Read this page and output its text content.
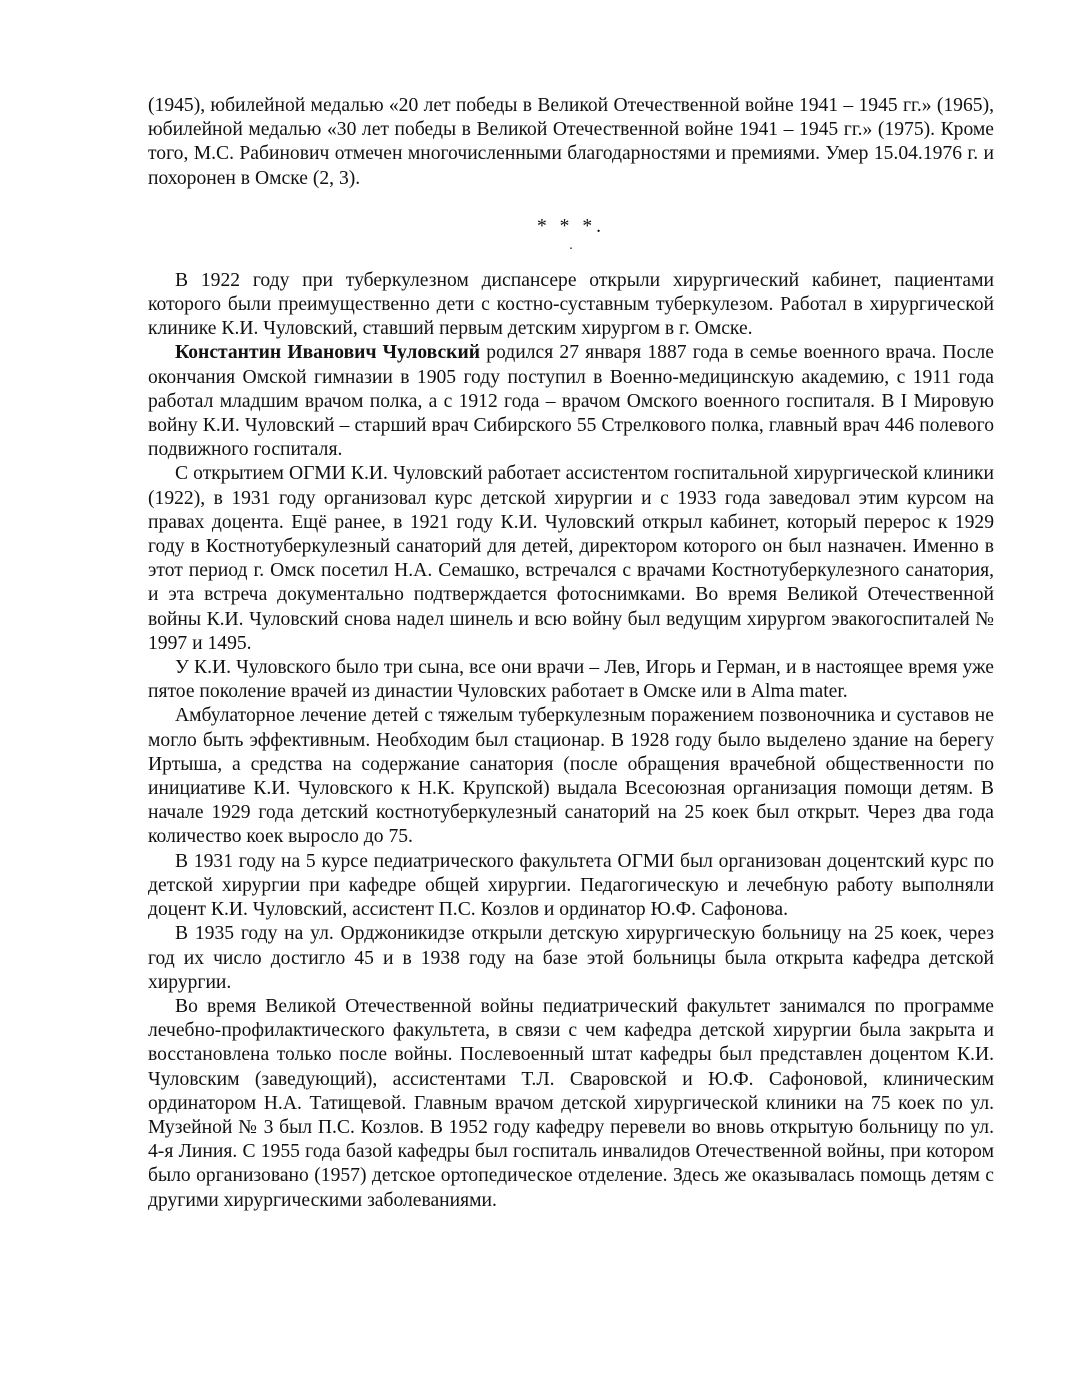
(1945), юбилейной медалью «20 лет победы в Великой Отечественной войне 1941 – 1945 гг.» (1965), юбилейной медалью «30 лет победы в Великой Отечественной войне 1941 – 1945 гг.» (1975). Кроме того, М.С. Рабинович отмечен многочисленными благодарностями и премиями. Умер 15.04.1976 г. и похоронен в Омске (2, 3).

* * *.
.

В 1922 году при туберкулезном диспансере открыли хирургический кабинет, пациентами которого были преимущественно дети с костно-суставным туберкулезом. Работал в хирургической клинике К.И. Чуловский, ставший первым детским хирургом в г. Омске.

Константин Иванович Чуловский родился 27 января 1887 года в семье военного врача. После окончания Омской гимназии в 1905 году поступил в Военно-медицинскую академию, с 1911 года работал младшим врачом полка, а с 1912 года – врачом Омского военного госпиталя. В I Мировую войну К.И. Чуловский – старший врач Сибирского 55 Стрелкового полка, главный врач 446 полевого подвижного госпиталя.

С открытием ОГМИ К.И. Чуловский работает ассистентом госпитальной хирургической клиники (1922), в 1931 году организовал курс детской хирургии и с 1933 года заведовал этим курсом на правах доцента. Ещё ранее, в 1921 году К.И. Чуловский открыл кабинет, который перерос к 1929 году в Костнотуберкулезный санаторий для детей, директором которого он был назначен. Именно в этот период г. Омск посетил Н.А. Семашко, встречался с врачами Костнотуберкулезного санатория, и эта встреча документально подтверждается фотоснимками. Во время Великой Отечественной войны К.И. Чуловский снова надел шинель и всю войну был ведущим хирургом эвакогоспиталей № 1997 и 1495.

У К.И. Чуловского было три сына, все они врачи – Лев, Игорь и Герман, и в настоящее время уже пятое поколение врачей из династии Чуловских работает в Омске или в Alma mater.

Амбулаторное лечение детей с тяжелым туберкулезным поражением позвоночника и суставов не могло быть эффективным. Необходим был стационар. В 1928 году было выделено здание на берегу Иртыша, а средства на содержание санатория (после обращения врачебной общественности по инициативе К.И. Чуловского к Н.К. Крупской) выдала Всесоюзная организация помощи детям. В начале 1929 года детский костнотуберкулезный санаторий на 25 коек был открыт. Через два года количество коек выросло до 75.

В 1931 году на 5 курсе педиатрического факультета ОГМИ был организован доцентский курс по детской хирургии при кафедре общей хирургии. Педагогическую и лечебную работу выполняли доцент К.И. Чуловский, ассистент П.С. Козлов и ординатор Ю.Ф. Сафонова.

В 1935 году на ул. Орджоникидзе открыли детскую хирургическую больницу на 25 коек, через год их число достигло 45 и в 1938 году на базе этой больницы была открыта кафедра детской хирургии.

Во время Великой Отечественной войны педиатрический факультет занимался по программе лечебно-профилактического факультета, в связи с чем кафедра детской хирургии была закрыта и восстановлена только после войны. Послевоенный штат кафедры был представлен доцентом К.И. Чуловским (заведующий), ассистентами Т.Л. Сваровской и Ю.Ф. Сафоновой, клиническим ординатором Н.А. Татищевой. Главным врачом детской хирургической клиники на 75 коек по ул. Музейной № 3 был П.С. Козлов. В 1952 году кафедру перевели во вновь открытую больницу по ул. 4-я Линия. С 1955 года базой кафедры был госпиталь инвалидов Отечественной войны, при котором было организовано (1957) детское ортопедическое отделение. Здесь же оказывалась помощь детям с другими хирургическими заболеваниями.
